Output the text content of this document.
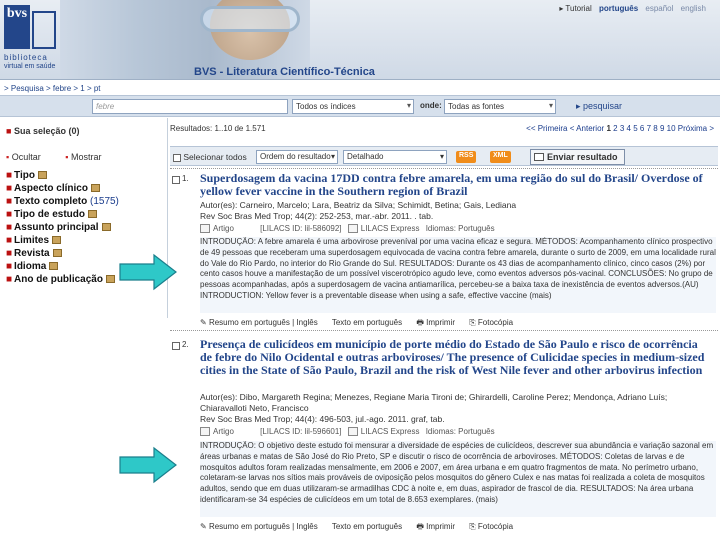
bvs
biblioteca
virtual em saúde	BVS - Literatura Científico-Técnica
▸ Tutorial português español english
> Pesquisa > febre > 1 > pt
febre	Todos os índices ▾	onde: Todas as fontes ▾	▸ pesquisar
■ Sua seleção (0)
▪ Ocultar	▪ Mostrar
■ Tipo
■ Aspecto clínico
■ Texto completo (1575)
■ Tipo de estudo
■ Assunto principal
■ Limites
■ Revista
■ Idioma
■ Ano de publicação
Resultados: 1..10 de 1.571	<< Primeira < Anterior 1 2 3 4 5 6 7 8 9 10 Próxima >
Selecionar todos	Ordem do resultado ▾	Detalhado ▾	RSS	XML	Enviar resultado
1. Superdosagem da vacina 17DD contra febre amarela, em uma região do sul do Brasil/ Overdose of yellow fever vaccine in the Southern region of Brazil
Autor(es): Carneiro, Marcelo; Lara, Beatriz da Silva; Schimidt, Betina; Gais, Lediana
Rev Soc Bras Med Trop; 44(2): 252-253, mar.-abr. 2011. . tab.
Artigo	[LILACS ID: lil-586092] LILACS Express Idiomas: Português
INTRODUÇÃO: A febre amarela é uma arbovirose preveníval por uma vacina eficaz e segura. MÉTODOS: Acompanhamento clínico prospectivo de 49 pessoas que receberam uma superdosagem equivocada de vacina contra febre amarela, durante o surto de 2009, em uma localidade rural do Vale do Rio Pardo, no interior do Rio Grande do Sul. RESULTADOS: Durante os 43 dias de acompanhamento clínico, cinco casos (2%) por cento casos houve a manifestação de um possível viscerotrópico agudo leve, como eventos adversos pós-vacinal. CONCLUSÕES: No grupo de pessoas acompanhadas, após a superdosagem de vacina antiamarílica, percebeu-se a baixa taxa de inexistência de eventos adversos.(AU)
INTRODUCTION: Yellow fever is a preventable disease when using a safe, effective vaccine (mais)
✎ Resumo em português | Inglês Texto em português 🖶 Imprimir ⎘ Fotocópia
2. Presença de culicídeos em município de porte médio do Estado de São Paulo e risco de ocorrência de febre do Nilo Ocidental e outras arboviroses/ The presence of Culicidae species in medium-sized cities in the State of São Paulo, Brazil and the risk of West Nile fever and other arbovirus infection
Autor(es): Dibo, Margareth Regina; Menezes, Regiane Maria Tironi de; Ghirardelli, Caroline Perez; Mendonça, Adriano Luís; Chiaravalloti Neto, Francisco
Rev Soc Bras Med Trop; 44(4): 496-503, jul.-ago. 2011. graf, tab.
Artigo	[LILACS ID: lil-596601] LILACS Express Idiomas: Português
INTRODUÇÃO: O objetivo deste estudo foi mensurar a diversidade de espécies de culicídeos, descrever sua abundância e variação sazonal em áreas urbanas e matas de São José do Rio Preto, SP e discutir o risco de ocorrência de arboviroses. MÉTODOS: Coletas de larvas e de mosquitos adultos foram realizadas mensalmente, em 2006 e 2007, em área urbana e em quatro fragmentos de mata. No perímetro urbano, coletaram-se larvas nos sítios mais prováveis de oviposição pelos mosquitos do gênero Culex e nas matas foi realizada a coleta de mosquitos adultos, sendo que em duas utilizaram-se armadilhas CDC à noite e, em duas, aspirador de frascol de dia. RESULTADOS: Na área urbana identificaram-se 34 espécies de culicídeos em um total de 8.653 exemplares. (mais)
✎ Resumo em português | Inglês Texto em português 🖶 Imprimir ⎘ Fotocópia
